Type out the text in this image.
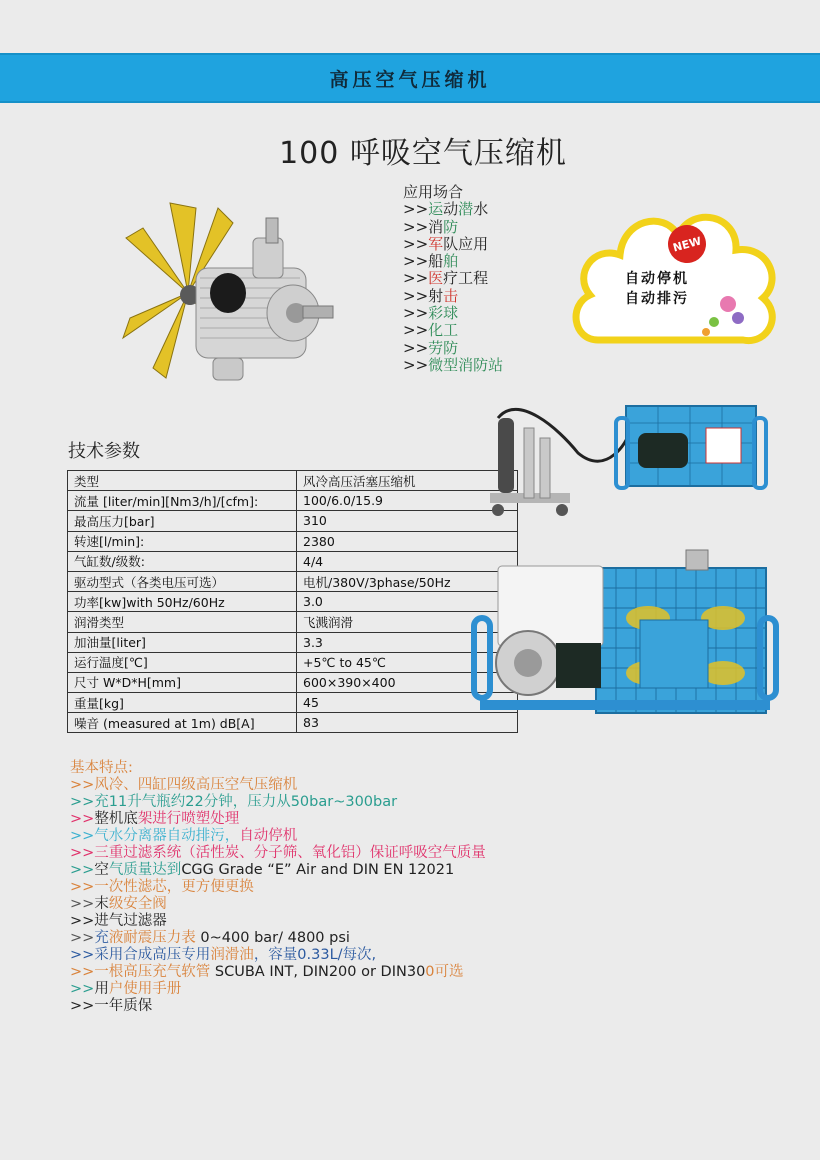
高压空气压缩机
100 呼吸空气压缩机
应用场合
>>运动潜水
>>消防
>>军队应用
>>船舶
>>医疗工程
>>射击
>>彩球
>>化工
>>劳防
>>微型消防站
NEW
自动停机
自动排污
技术参数
类型	风冷高压活塞压缩机
流量 [liter/min][Nm3/h]/[cfm]:	100/6.0/15.9
最高压力[bar]	310
转速[l/min]:	2380
气缸数/级数:	4/4
驱动型式（各类电压可选）	电机/380V/3phase/50Hz
功率[kw]with 50Hz/60Hz	3.0
润滑类型	飞溅润滑
加油量[liter]	3.3
运行温度[℃]	+5℃ to 45℃
尺寸 W*D*H[mm]	600×390×400
重量[kg]	45
噪音 (measured at 1m) dB[A]	83
基本特点:
>>风冷、四缸四级高压空气压缩机
>>充11升气瓶约22分钟，压力从50bar~300bar
>>整机底架进行喷塑处理
>>气水分离器自动排污，自动停机
>>三重过滤系统（活性炭、分子筛、氧化铝）保证呼吸空气质量
>>空气质量达到CGG Grade “E” Air and DIN EN 12021
>>一次性滤芯，更方便更换
>>末级安全阀
>>进气过滤器
>>充液耐震压力表 0~400 bar/ 4800 psi
>>采用合成高压专用润滑油，容量0.33L/每次,
>>一根高压充气软管 SCUBA INT, DIN200 or DIN300可选
>>用户使用手册
>>一年质保
